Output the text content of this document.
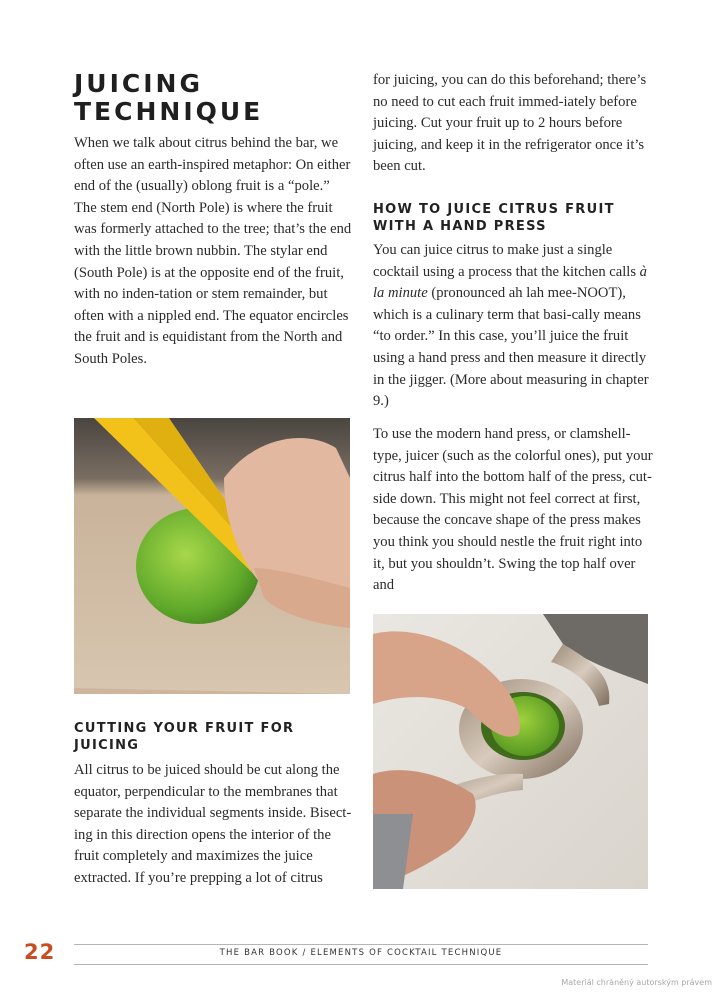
JUICING TECHNIQUE

When we talk about citrus behind the bar, we often use an earth-inspired metaphor: On either end of the (usually) oblong fruit is a “pole.” The stem end (North Pole) is where the fruit was formerly attached to the tree; that’s the end with the little brown nubbin. The stylar end (South Pole) is at the opposite end of the fruit, with no inden-tation or stem remainder, but often with a nippled end. The equator encircles the fruit and is equidistant from the North and South Poles.

CUTTING YOUR FRUIT FOR JUICING

All citrus to be juiced should be cut along the equator, perpendicular to the membranes that separate the individual segments inside. Bisect-ing in this direction opens the interior of the fruit completely and maximizes the juice extracted. If you’re prepping a lot of citrus

for juicing, you can do this beforehand; there’s no need to cut each fruit immed-iately before juicing. Cut your fruit up to 2 hours before juicing, and keep it in the refrigerator once it’s been cut.

HOW TO JUICE CITRUS FRUIT WITH A HAND PRESS

You can juice citrus to make just a single cocktail using a process that the kitchen calls à la minute (pronounced ah lah mee-NOOT), which is a culinary term that basi-cally means “to order.” In this case, you’ll juice the fruit using a hand press and then measure it directly in the jigger. (More about measuring in chapter 9.)

To use the modern hand press, or clamshell-type, juicer (such as the colorful ones), put your citrus half into the bottom half of the press, cut-side down. This might not feel correct at first, because the concave shape of the press makes you think you should nestle the fruit right into it, but you shouldn’t. Swing the top half over and

22	THE BAR BOOK / ELEMENTS OF COCKTAIL TECHNIQUE
Materiál chráněný autorským právem
